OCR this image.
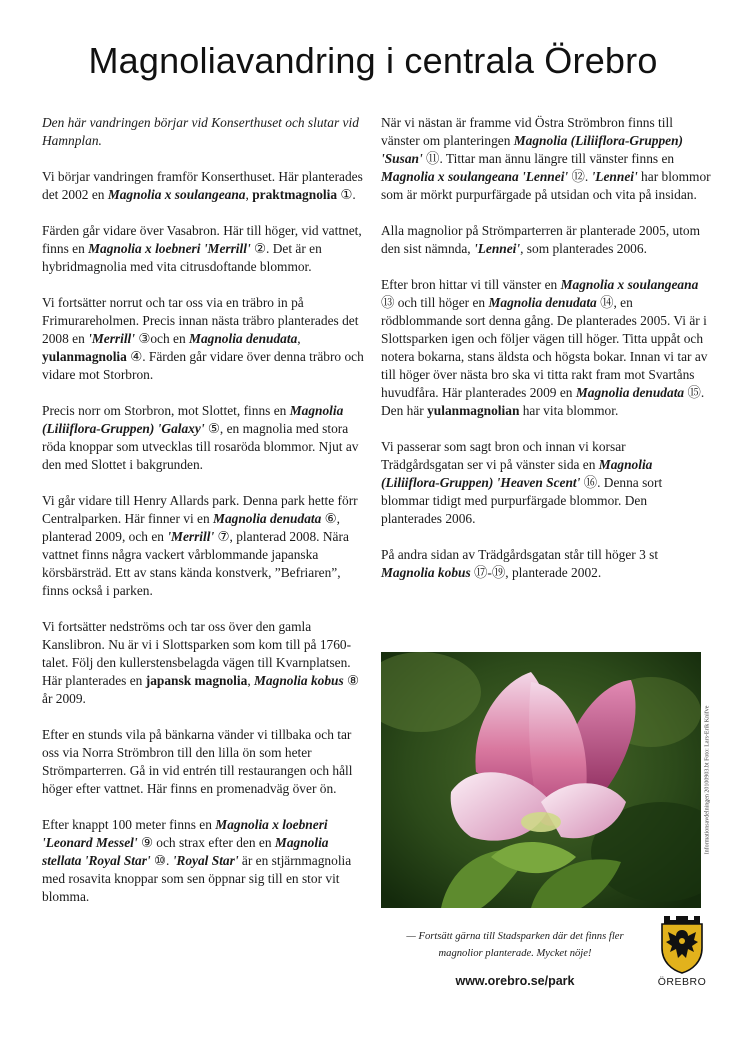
Magnoliavandring i centrala Örebro

Den här vandringen börjar vid Konserthuset och slutar vid Hamnplan.

Vi börjar vandringen framför Konserthuset. Här planterades det 2002 en Magnolia x soulangeana, praktmagnolia ①.

Färden går vidare över Vasabron. Här till höger, vid vattnet, finns en Magnolia x loebneri 'Merrill' ②. Det är en hybridmagnolia med vita citrusdoftande blommor.

Vi fortsätter norrut och tar oss via en träbro in på Frimurareholmen. Precis innan nästa träbro planterades det 2008 en 'Merrill' ③och en Magnolia denudata, yulanmagnolia ④. Färden går vidare över denna träbro och vidare mot Storbron.

Precis norr om Storbron, mot Slottet, finns en Magnolia (Liliiflora-Gruppen) 'Galaxy' ⑤, en magnolia med stora röda knoppar som utvecklas till rosaröda blommor. Njut av den med Slottet i bakgrunden.

Vi går vidare till Henry Allards park. Denna park hette förr Centralparken. Här finner vi en Magnolia denudata ⑥, planterad 2009, och en 'Merrill' ⑦, planterad 2008. Nära vattnet finns några vackert vårblommande japanska körsbärsträd. Ett av stans kända konstverk, ”Befriaren”, finns också i parken.

Vi fortsätter nedströms och tar oss över den gamla Kanslibron. Nu är vi i Slottsparken som kom till på 1760-talet. Följ den kullerstensbelagda vägen till Kvarnplatsen. Här planterades en japansk magnolia, Magnolia kobus ⑧ år 2009.

Efter en stunds vila på bänkarna vänder vi tillbaka och tar oss via Norra Strömbron till den lilla ön som heter Strömparterren. Gå in vid entrén till restaurangen och håll höger efter vattnet. Här finns en promenadväg över ön.

Efter knappt 100 meter finns en Magnolia x loebneri 'Leonard Messel' ⑨ och strax efter den en Magnolia stellata 'Royal Star' ⑩. 'Royal Star' är en stjärnmagnolia med rosavita knoppar som sen öppnar sig till en stor vit blomma.

När vi nästan är framme vid Östra Strömbron finns till vänster om planteringen Magnolia (Liliiflora-Gruppen) 'Susan' ⑪. Tittar man ännu längre till vänster finns en Magnolia x soulangeana 'Lennei' ⑫. 'Lennei' har blommor som är mörkt purpurfärgade på utsidan och vita på insidan.

Alla magnolior på Strömparterren är planterade 2005, utom den sist nämnda, 'Lennei', som planterades 2006.

Efter bron hittar vi till vänster en Magnolia x soulangeana ⑬ och till höger en Magnolia denudata ⑭, en rödblommande sort denna gång. De planterades 2005. Vi är i Slottsparken igen och följer vägen till höger. Titta uppåt och notera bokarna, stans äldsta och högsta bokar. Innan vi tar av till höger över nästa bro ska vi titta rakt fram mot Svartåns huvudfåra. Här planterades 2009 en Magnolia denudata ⑮. Den här yulanmagnolian har vita blommor.

Vi passerar som sagt bron och innan vi korsar Trädgårdsgatan ser vi på vänster sida en Magnolia (Liliiflora-Gruppen) 'Heaven Scent' ⑯. Denna sort blommar tidigt med purpurfärgade blommor. Den planterades 2006.

På andra sidan av Trädgårdsgatan står till höger 3 st Magnolia kobus ⑰-⑲, planterade 2002.

Informationsavdelningen 20100903.bt Foto: Lars-Erik Knifve
— Fortsätt gärna till Stadsparken där det finns fler magnolior planterade. Mycket nöje!
www.orebro.se/park	ÖREBRO
